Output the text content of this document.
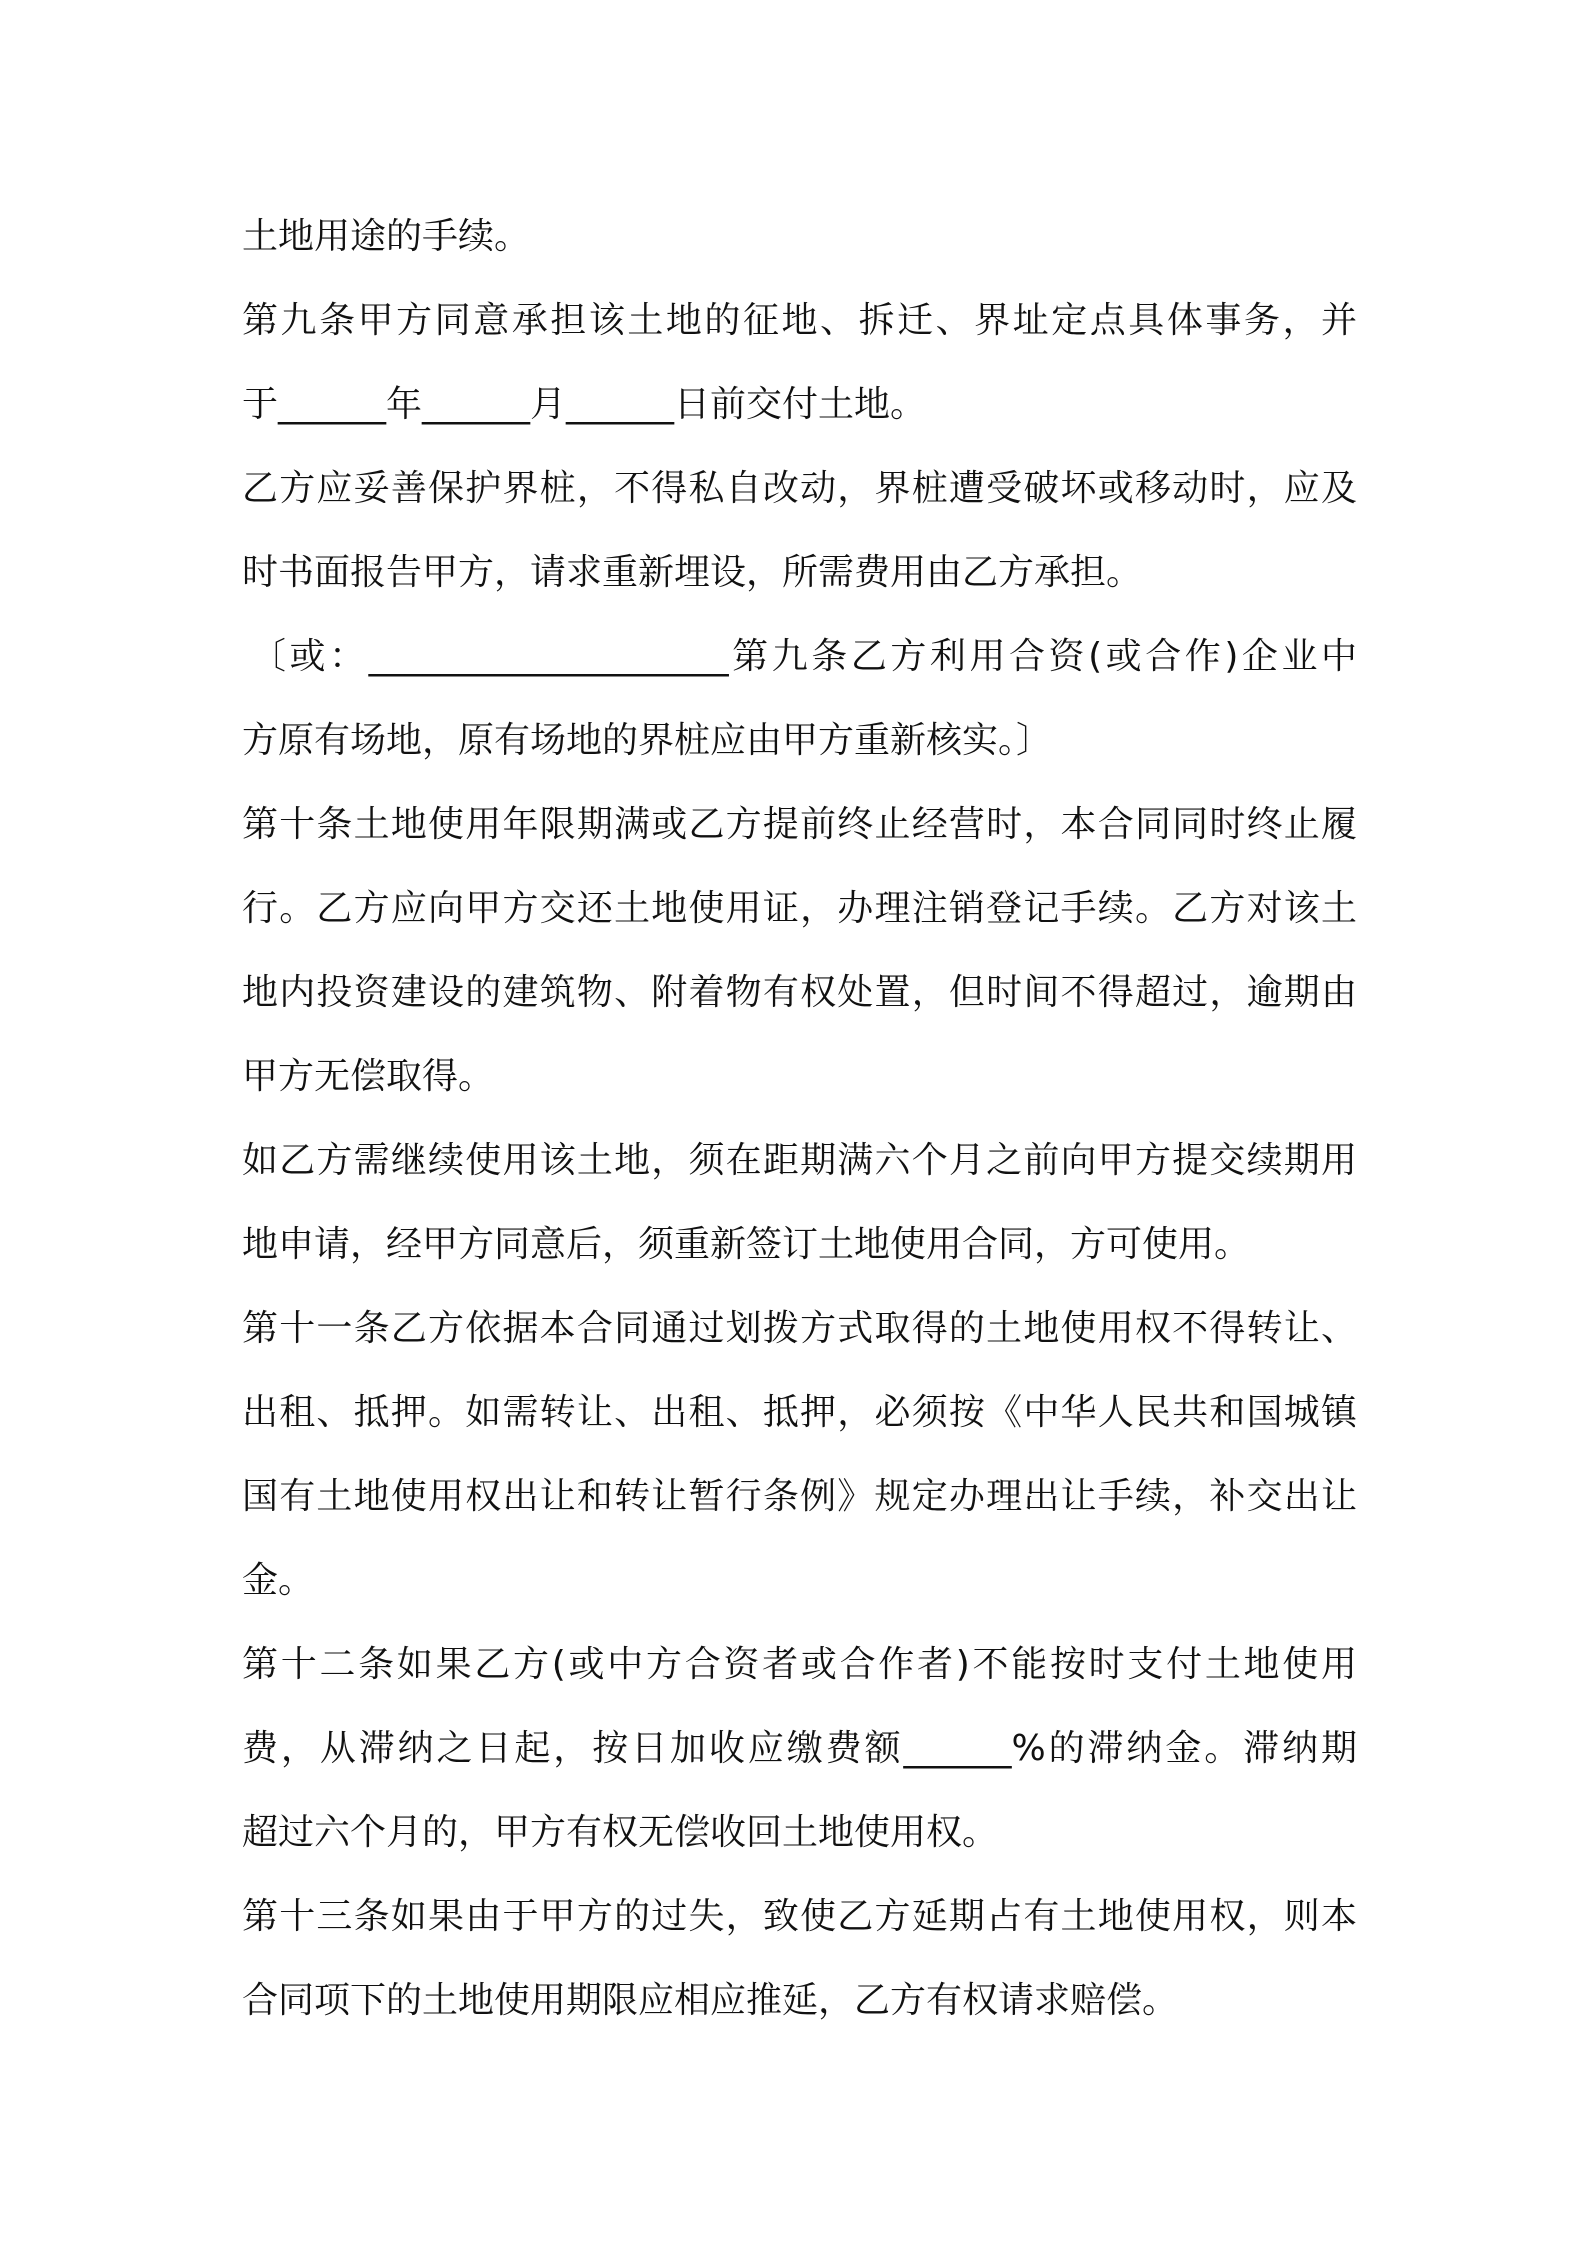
土地用途的手续。
第九条甲方同意承担该土地的征地、拆迁、界址定点具体事务，并
于______年______月______日前交付土地。
乙方应妥善保护界桩，不得私自改动，界桩遭受破坏或移动时，应及
时书面报告甲方，请求重新埋设，所需费用由乙方承担。
〔或：____________________第九条乙方利用合资(或合作)企业中
方原有场地，原有场地的界桩应由甲方重新核实。〕
第十条土地使用年限期满或乙方提前终止经营时，本合同同时终止履
行。乙方应向甲方交还土地使用证，办理注销登记手续。乙方对该土
地内投资建设的建筑物、附着物有权处置，但时间不得超过，逾期由
甲方无偿取得。
如乙方需继续使用该土地，须在距期满六个月之前向甲方提交续期用
地申请，经甲方同意后，须重新签订土地使用合同，方可使用。
第十一条乙方依据本合同通过划拨方式取得的土地使用权不得转让、
出租、抵押。如需转让、出租、抵押，必须按《中华人民共和国城镇
国有土地使用权出让和转让暂行条例》规定办理出让手续，补交出让
金。
第十二条如果乙方(或中方合资者或合作者)不能按时支付土地使用
费，从滞纳之日起，按日加收应缴费额______%的滞纳金。滞纳期
超过六个月的，甲方有权无偿收回土地使用权。
第十三条如果由于甲方的过失，致使乙方延期占有土地使用权，则本
合同项下的土地使用期限应相应推延，乙方有权请求赔偿。
